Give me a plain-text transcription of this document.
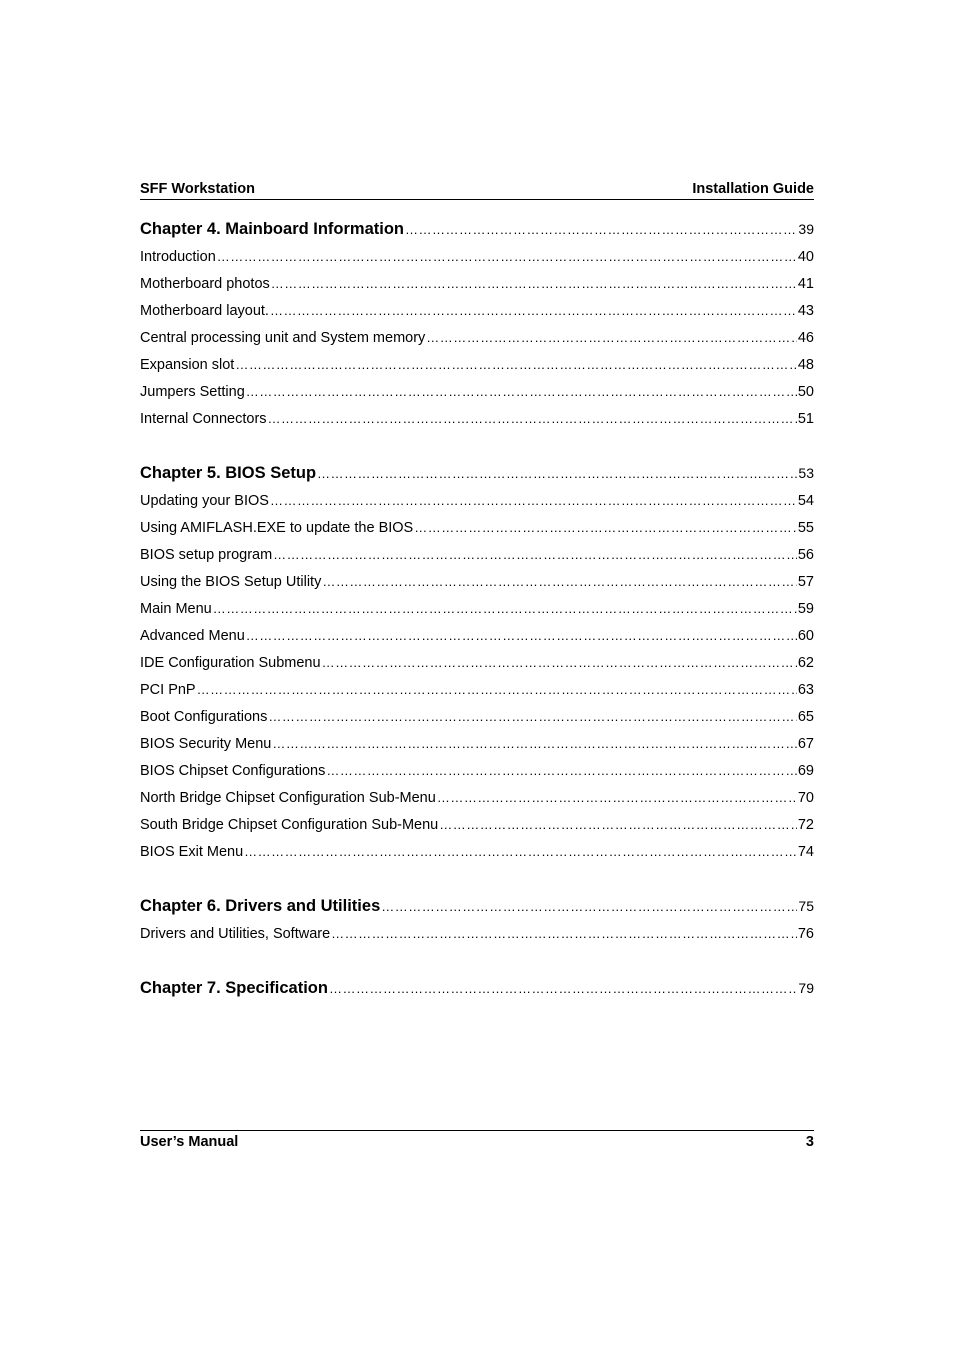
SFF Workstation	Installation Guide
Chapter 4. Mainboard Information …………………………………………………………………………………………………………………………………………………………………………………………………………………………………………………………………………………………	39
Introduction …………………………………………………………………………………………………………………………………………………………………………………………………………………………………………………………………………………………	40
Motherboard photos …………………………………………………………………………………………………………………………………………………………………………………………………………………………………………………………………………………………	41
Motherboard layout. …………………………………………………………………………………………………………………………………………………………………………………………………………………………………………………………………………………………	43
Central processing unit and System memory …………………………………………………………………………………………………………………………………………………………………………………………………………………………………………………………………………………………	46
Expansion slot …………………………………………………………………………………………………………………………………………………………………………………………………………………………………………………………………………………………	48
Jumpers Setting …………………………………………………………………………………………………………………………………………………………………………………………………………………………………………………………………………………………	50
Internal Connectors …………………………………………………………………………………………………………………………………………………………………………………………………………………………………………………………………………………………	51
Chapter 5. BIOS Setup …………………………………………………………………………………………………………………………………………………………………………………………………………………………………………………………………………………………	53
Updating your BIOS …………………………………………………………………………………………………………………………………………………………………………………………………………………………………………………………………………………………	54
Using AMIFLASH.EXE to update the BIOS …………………………………………………………………………………………………………………………………………………………………………………………………………………………………………………………………………………………	55
BIOS setup program …………………………………………………………………………………………………………………………………………………………………………………………………………………………………………………………………………………………	56
Using the BIOS Setup Utility …………………………………………………………………………………………………………………………………………………………………………………………………………………………………………………………………………………………	57
Main Menu …………………………………………………………………………………………………………………………………………………………………………………………………………………………………………………………………………………………	59
Advanced Menu …………………………………………………………………………………………………………………………………………………………………………………………………………………………………………………………………………………………	60
IDE Configuration Submenu …………………………………………………………………………………………………………………………………………………………………………………………………………………………………………………………………………………………	62
PCI PnP …………………………………………………………………………………………………………………………………………………………………………………………………………………………………………………………………………………………	63
Boot Configurations …………………………………………………………………………………………………………………………………………………………………………………………………………………………………………………………………………………………	65
BIOS Security Menu …………………………………………………………………………………………………………………………………………………………………………………………………………………………………………………………………………………………	67
BIOS Chipset Configurations …………………………………………………………………………………………………………………………………………………………………………………………………………………………………………………………………………………………	69
North Bridge Chipset Configuration Sub-Menu …………………………………………………………………………………………………………………………………………………………………………………………………………………………………………………………………………………………	70
South Bridge Chipset Configuration Sub-Menu …………………………………………………………………………………………………………………………………………………………………………………………………………………………………………………………………………………………	72
BIOS Exit Menu …………………………………………………………………………………………………………………………………………………………………………………………………………………………………………………………………………………………	74
Chapter 6. Drivers and Utilities …………………………………………………………………………………………………………………………………………………………………………………………………………………………………………………………………………………………	75
Drivers and Utilities, Software …………………………………………………………………………………………………………………………………………………………………………………………………………………………………………………………………………………………	76
Chapter 7. Specification …………………………………………………………………………………………………………………………………………………………………………………………………………………………………………………………………………………………	79
User’s Manual	3
